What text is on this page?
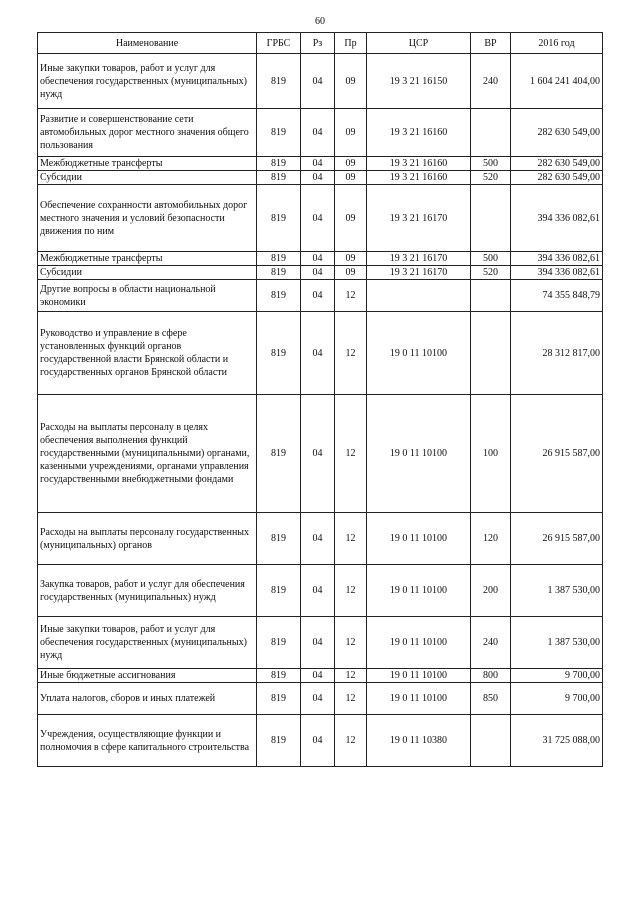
60
Наименование	ГРБС	Рз	Пр	ЦСР	ВР	2016 год
Иные закупки товаров, работ и услуг для обеспечения государственных (муниципальных) нужд	819	04	09	19 3 21 16150	240	1 604 241 404,00
Развитие и совершенствование сети автомобильных дорог местного значения общего пользования	819	04	09	19 3 21 16160		282 630 549,00
Межбюджетные трансферты	819	04	09	19 3 21 16160	500	282 630 549,00
Субсидии	819	04	09	19 3 21 16160	520	282 630 549,00
Обеспечение сохранности автомобильных дорог местного значения и условий безопасности движения по ним	819	04	09	19 3 21 16170		394 336 082,61
Межбюджетные трансферты	819	04	09	19 3 21 16170	500	394 336 082,61
Субсидии	819	04	09	19 3 21 16170	520	394 336 082,61
Другие вопросы в области национальной экономики	819	04	12			74 355 848,79
Руководство и управление в сфере установленных функций органов государственной власти Брянской области и государственных органов Брянской области	819	04	12	19 0 11 10100		28 312 817,00
Расходы на выплаты персоналу в целях обеспечения выполнения функций государственными (муниципальными) органами, казенными учреждениями, органами управления государственными внебюджетными фондами	819	04	12	19 0 11 10100	100	26 915 587,00
Расходы на выплаты персоналу государственных (муниципальных) органов	819	04	12	19 0 11 10100	120	26 915 587,00
Закупка товаров, работ и услуг для обеспечения государственных (муниципальных) нужд	819	04	12	19 0 11 10100	200	1 387 530,00
Иные закупки товаров, работ и услуг для обеспечения государственных (муниципальных) нужд	819	04	12	19 0 11 10100	240	1 387 530,00
Иные бюджетные ассигнования	819	04	12	19 0 11 10100	800	9 700,00
Уплата налогов, сборов и иных платежей	819	04	12	19 0 11 10100	850	9 700,00
Учреждения, осуществляющие функции и полномочия в сфере капитального строительства	819	04	12	19 0 11 10380		31 725 088,00
